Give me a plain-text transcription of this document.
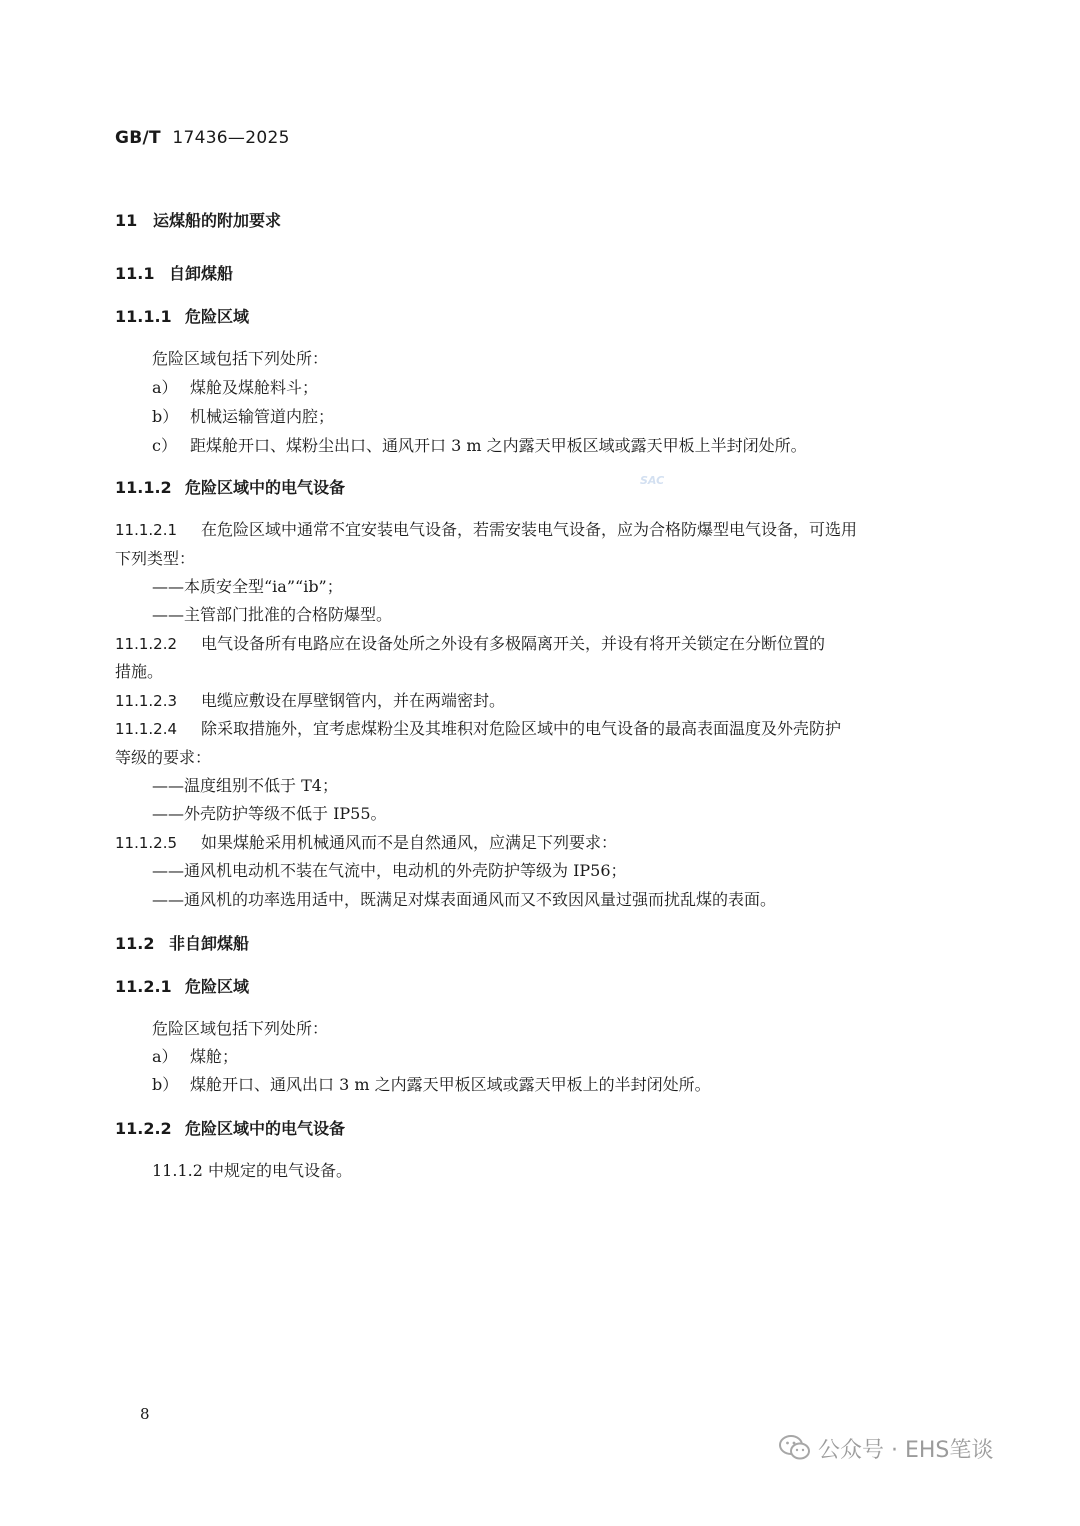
GB/T 17436—2025
11 运煤船的附加要求
11.1 自卸煤船
11.1.1 危险区域
危险区域包括下列处所：
a） 煤舱及煤舱料斗；
b） 机械运输管道内腔；
c） 距煤舱开口、煤粉尘出口、通风开口 3 m 之内露天甲板区域或露天甲板上半封闭处所。
11.1.2 危险区域中的电气设备	SAC
11.1.2.1 在危险区域中通常不宜安装电气设备，若需安装电气设备，应为合格防爆型电气设备，可选用
下列类型：
——本质安全型“ia”“ib”；
——主管部门批准的合格防爆型。
11.1.2.2 电气设备所有电路应在设备处所之外设有多极隔离开关，并设有将开关锁定在分断位置的
措施。
11.1.2.3 电缆应敷设在厚壁钢管内，并在两端密封。
11.1.2.4 除采取措施外，宜考虑煤粉尘及其堆积对危险区域中的电气设备的最高表面温度及外壳防护
等级的要求：
——温度组别不低于 T4；
——外壳防护等级不低于 IP55。
11.1.2.5 如果煤舱采用机械通风而不是自然通风，应满足下列要求：
——通风机电动机不装在气流中，电动机的外壳防护等级为 IP56；
——通风机的功率选用适中，既满足对煤表面通风而又不致因风量过强而扰乱煤的表面。
11.2 非自卸煤船
11.2.1 危险区域
危险区域包括下列处所：
a） 煤舱；
b） 煤舱开口、通风出口 3 m 之内露天甲板区域或露天甲板上的半封闭处所。
11.2.2 危险区域中的电气设备
11.1.2 中规定的电气设备。
8
公众号 · EHS笔谈
